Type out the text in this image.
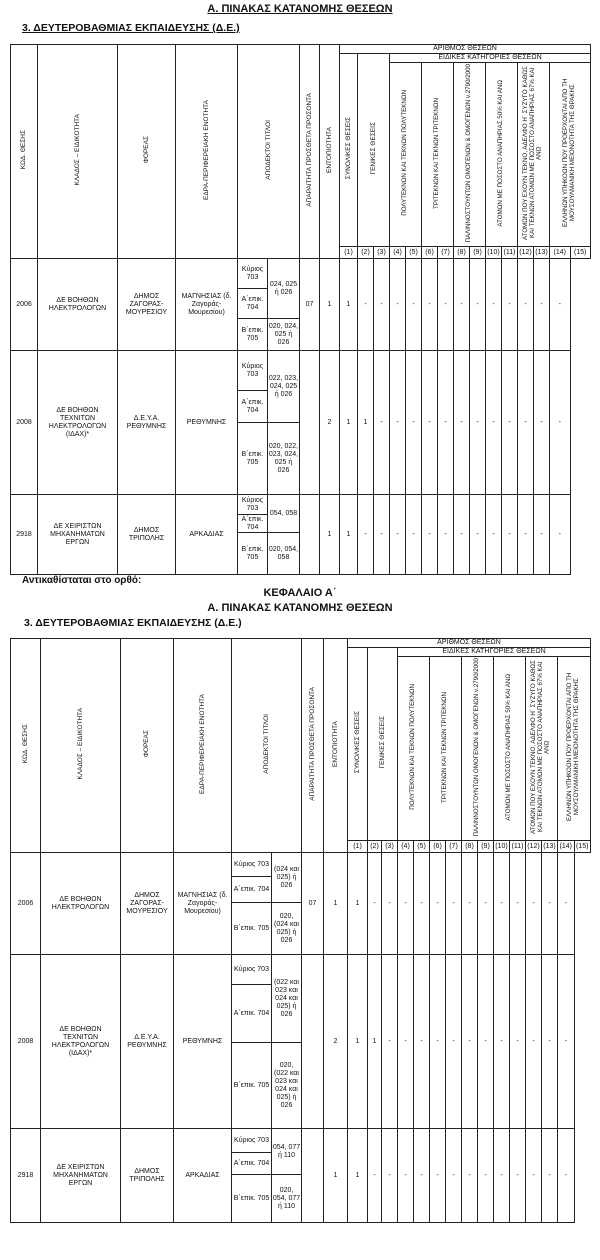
Α. ΠΙΝΑΚΑΣ ΚΑΤΑΝΟΜΗΣ ΘΕΣΕΩΝ
3. ΔΕΥΤΕΡΟΒΑΘΜΙΑΣ ΕΚΠΑΙΔΕΥΣΗΣ (Δ.Ε.)
ΚΩΔ. ΘΕΣΗΣ	ΚΛΑΔΟΣ – ΕΙΔΙΚΟΤΗΤΑ	ΦΟΡΕΑΣ	ΕΔΡΑ-ΠΕΡΙΦΕΡΕΙΑΚΗ ΕΝΟΤΗΤΑ	ΑΠΟΔΕΚΤΟΙ ΤΙΤΛΟΙ		ΑΠΑΡΑΙΤΗΤΑ ΠΡΟΣΘΕΤΑ ΠΡΟΣΟΝΤΑ	ΕΝΤΟΠΙΟΤΗΤΑ	ΑΡΙΘΜΟΣ ΘΕΣΕΩΝ														
								ΣΥΝΟΛΙΚΕΣ ΘΕΣΕΙΣ	ΓΕΝΙΚΕΣ ΘΕΣΕΙΣ		ΕΙΔΙΚΕΣ ΚΑΤΗΓΟΡΙΕΣ ΘΕΣΕΩΝ											
											ΠΟΛΥΤΕΚΝΩΝ ΚΑΙ ΤΕΚΝΩΝ ΠΟΛΥΤΕΚΝΩΝ		ΤΡΙΤΕΚΝΩΝ ΚΑΙ ΤΕΚΝΩΝ ΤΡΙΤΕΚΝΩΝ		ΠΑΛΙΝΝΟΣΤΟΥΝΤΩΝ ΟΜΟΓΕΝΩΝ & ΟΜΟΓΕΝΩΝ ν.2790/2000		ΑΤΟΜΩΝ ΜΕ ΠΟΣΟΣΤΟ ΑΝΑΠΗΡΙΑΣ 50% ΚΑΙ ΑΝΩ		ΑΤΟΜΩΝ ΠΟΥ ΕΧΟΥΝ ΤΕΚΝΟ, ΑΔΕΛΦΟ Η΄ ΣΥΖΥΓΟ ΚΑΘΩΣ ΚΑΙ ΤΕΚΝΩΝ ΑΤΟΜΩΝ ΜΕ ΠΟΣΟΣΤΟ ΑΝΑΠΗΡΙΑΣ 67% ΚΑΙ ΑΝΩ		ΕΛΛΗΝΩΝ ΥΠΗΚΟΩΝ ΠΟΥ ΠΡΟΕΡΧΟΝΤΑΙ ΑΠΟ ΤΗ ΜΟΥΣΟΥΛΜΑΝΙΚΗ ΜΕΙΟΝΟΤΗΤΑ ΤΗΣ ΘΡΑΚΗΣ	
								(1)	(2)	(3)	(4)	(5)	(6)	(7)	(8)	(9)	(10)	(11)	(12)	(13)	(14)	(15)
2006	ΔΕ ΒΟΗΘΩΝ ΗΛΕΚΤΡΟΛΟΓΩΝ	ΔΗΜΟΣ ΖΑΓΟΡΑΣ-ΜΟΥΡΕΣΙΟΥ	ΜΑΓΝΗΣΙΑΣ (δ. Ζαγοράς-Μουρεσίου)	Κύριος 703	024, 025 ή 026	07	1	1	-	-	-	-	-	-	-	-	-	-	-	-	-	
				Α΄επικ. 704																		
				Β΄επικ. 705	020, 024, 025 ή 026																	
2008	ΔΕ ΒΟΗΘΩΝ ΤΕΧΝΙΤΩΝ ΗΛΕΚΤΡΟΛΟΓΩΝ (ΙΔΑΧ)*	Δ.Ε.Υ.Α. ΡΕΘΥΜΝΗΣ	ΡΕΘΥΜΝΗΣ	Κύριος 703	022, 023, 024, 025 ή 026		2	1	1	-	-	-	-	-	-	-	-	-	-	-	-	
				Α΄επικ. 704																		
				Β΄επικ. 705	020, 022, 023, 024, 025 ή 026																	
2918	ΔΕ ΧΕΙΡΙΣΤΩΝ ΜΗΧΑΝΗΜΑΤΩΝ ΕΡΓΩΝ	ΔΗΜΟΣ ΤΡΙΠΟΛΗΣ	ΑΡΚΑΔΙΑΣ	Κύριος 703	054, 058		1	1	-	-	-	-	-	-	-	-	-	-	-	-	-	
				Α΄επικ. 704																		
				Β΄επικ. 705	020, 054, 058																	
Αντικαθίσταται στο ορθό:
ΚΕΦΑΛΑΙΟ Α΄
Α. ΠΙΝΑΚΑΣ ΚΑΤΑΝΟΜΗΣ ΘΕΣΕΩΝ
3. ΔΕΥΤΕΡΟΒΑΘΜΙΑΣ ΕΚΠΑΙΔΕΥΣΗΣ (Δ.Ε.)
ΚΩΔ. ΘΕΣΗΣ	ΚΛΑΔΟΣ – ΕΙΔΙΚΟΤΗΤΑ	ΦΟΡΕΑΣ	ΕΔΡΑ-ΠΕΡΙΦΕΡΕΙΑΚΗ ΕΝΟΤΗΤΑ	ΑΠΟΔΕΚΤΟΙ ΤΙΤΛΟΙ		ΑΠΑΡΑΙΤΗΤΑ ΠΡΟΣΘΕΤΑ ΠΡΟΣΟΝΤΑ	ΕΝΤΟΠΙΟΤΗΤΑ	ΑΡΙΘΜΟΣ ΘΕΣΕΩΝ														
								ΣΥΝΟΛΙΚΕΣ ΘΕΣΕΙΣ	ΓΕΝΙΚΕΣ ΘΕΣΕΙΣ		ΕΙΔΙΚΕΣ ΚΑΤΗΓΟΡΙΕΣ ΘΕΣΕΩΝ											
											ΠΟΛΥΤΕΚΝΩΝ ΚΑΙ ΤΕΚΝΩΝ ΠΟΛΥΤΕΚΝΩΝ		ΤΡΙΤΕΚΝΩΝ ΚΑΙ ΤΕΚΝΩΝ ΤΡΙΤΕΚΝΩΝ		ΠΑΛΙΝΝΟΣΤΟΥΝΤΩΝ ΟΜΟΓΕΝΩΝ & ΟΜΟΓΕΝΩΝ ν.2790/2000		ΑΤΟΜΩΝ ΜΕ ΠΟΣΟΣΤΟ ΑΝΑΠΗΡΙΑΣ 50% ΚΑΙ ΑΝΩ		ΑΤΟΜΩΝ ΠΟΥ ΕΧΟΥΝ ΤΕΚΝΟ, ΑΔΕΛΦΟ Η΄ ΣΥΖΥΓΟ ΚΑΘΩΣ ΚΑΙ ΤΕΚΝΩΝ ΑΤΟΜΩΝ ΜΕ ΠΟΣΟΣΤΟ ΑΝΑΠΗΡΙΑΣ 67% ΚΑΙ ΑΝΩ		ΕΛΛΗΝΩΝ ΥΠΗΚΟΩΝ ΠΟΥ ΠΡΟΕΡΧΟΝΤΑΙ ΑΠΟ ΤΗ ΜΟΥΣΟΥΛΜΑΝΙΚΗ ΜΕΙΟΝΟΤΗΤΑ ΤΗΣ ΘΡΑΚΗΣ	
								(1)	(2)	(3)	(4)	(5)	(6)	(7)	(8)	(9)	(10)	(11)	(12)	(13)	(14)	(15)
2006	ΔΕ ΒΟΗΘΩΝ ΗΛΕΚΤΡΟΛΟΓΩΝ	ΔΗΜΟΣ ΖΑΓΟΡΑΣ-ΜΟΥΡΕΣΙΟΥ	ΜΑΓΝΗΣΙΑΣ (δ. Ζαγοράς-Μουρεσίου)	Κύριος 703	(024 και 025) ή 026	07	1	1	-	-	-	-	-	-	-	-	-	-	-	-	-	
				Α΄επικ. 704																		
				Β΄επικ. 705	020, (024 και 025) ή 026																	
2008	ΔΕ ΒΟΗΘΩΝ ΤΕΧΝΙΤΩΝ ΗΛΕΚΤΡΟΛΟΓΩΝ (ΙΔΑΧ)*	Δ.Ε.Υ.Α. ΡΕΘΥΜΝΗΣ	ΡΕΘΥΜΝΗΣ	Κύριος 703	(022 και 023 και 024 και 025) ή 026		2	1	1	-	-	-	-	-	-	-	-	-	-	-	-	
				Α΄επικ. 704																		
				Β΄επικ. 705	020, (022 και 023 και 024 και 025) ή 026																	
2918	ΔΕ ΧΕΙΡΙΣΤΩΝ ΜΗΧΑΝΗΜΑΤΩΝ ΕΡΓΩΝ	ΔΗΜΟΣ ΤΡΙΠΟΛΗΣ	ΑΡΚΑΔΙΑΣ	Κύριος 703	054, 077 ή 110		1	1	-	-	-	-	-	-	-	-	-	-	-	-	-	
				Α΄επικ. 704																		
				Β΄επικ. 705	020, 054, 077 ή 110																	
